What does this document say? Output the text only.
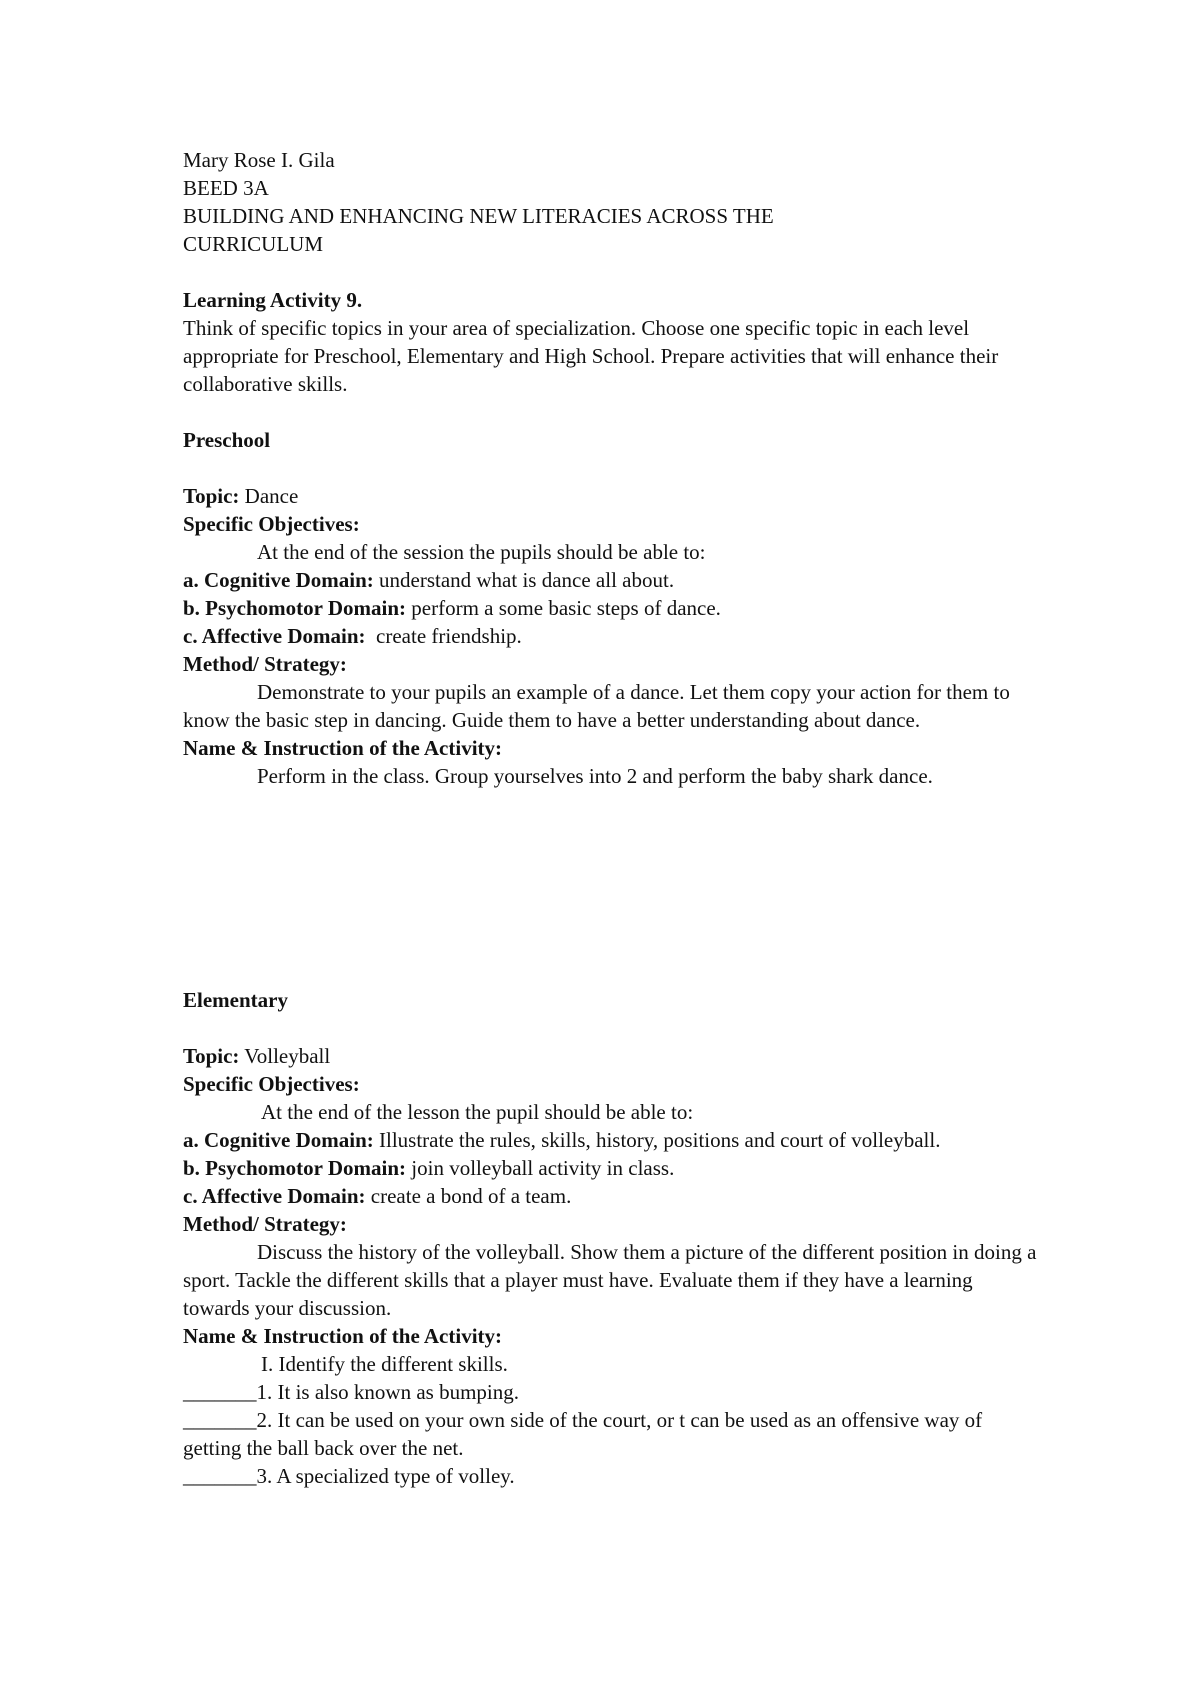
Mary Rose I. Gila
BEED 3A
BUILDING AND ENHANCING NEW LITERACIES ACROSS THE
CURRICULUM
Learning Activity 9.
Think of specific topics in your area of specialization. Choose one specific topic in each level appropriate for Preschool, Elementary and High School. Prepare activities that will enhance their collaborative skills.
Preschool
Topic: Dance
Specific Objectives:
At the end of the session the pupils should be able to:
a. Cognitive Domain: understand what is dance all about.
b. Psychomotor Domain: perform a some basic steps of dance.
c. Affective Domain:  create friendship.
Method/ Strategy:
Demonstrate to your pupils an example of a dance. Let them copy your action for them to know the basic step in dancing. Guide them to have a better understanding about dance.
Name & Instruction of the Activity:
Perform in the class. Group yourselves into 2 and perform the baby shark dance.
Elementary
Topic: Volleyball
Specific Objectives:
At the end of the lesson the pupil should be able to:
a. Cognitive Domain: Illustrate the rules, skills, history, positions and court of volleyball.
b. Psychomotor Domain: join volleyball activity in class.
c. Affective Domain: create a bond of a team.
Method/ Strategy:
Discuss the history of the volleyball. Show them a picture of the different position in doing a sport. Tackle the different skills that a player must have. Evaluate them if they have a learning towards your discussion.
Name & Instruction of the Activity:
I. Identify the different skills.
_______1. It is also known as bumping.
_______2. It can be used on your own side of the court, or t can be used as an offensive way of getting the ball back over the net.
_______3. A specialized type of volley.
